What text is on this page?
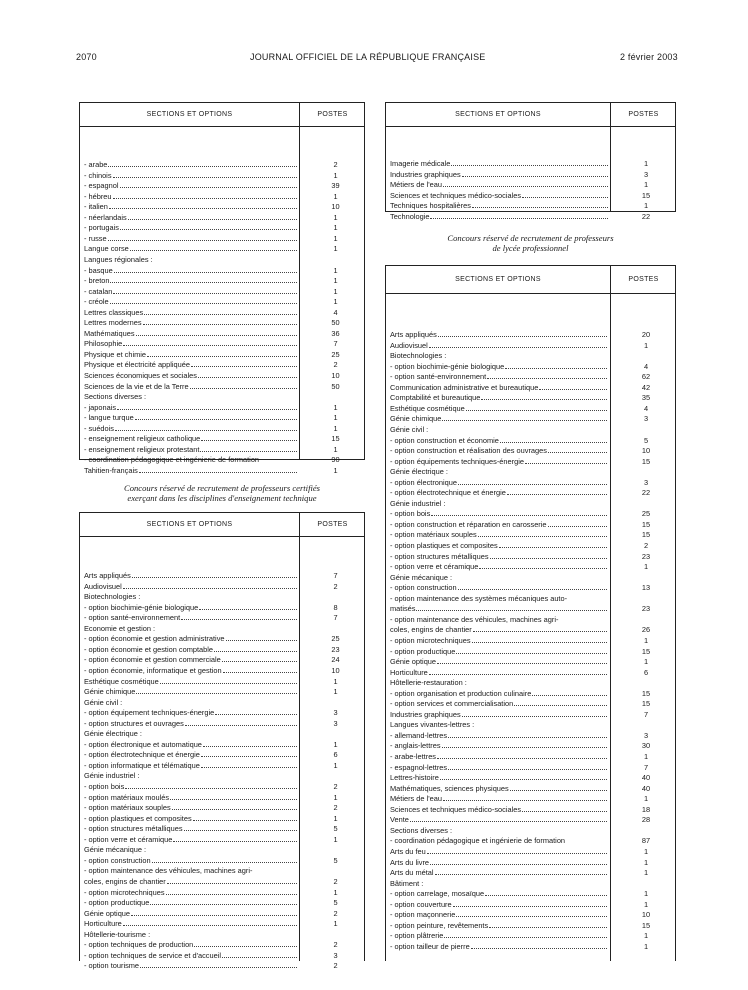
2070	JOURNAL OFFICIEL DE LA RÉPUBLIQUE FRANÇAISE	2 février 2003
SECTIONS ET OPTIONS	POSTES
- arabe	2
- chinois	1
- espagnol	39
- hébreu	1
- italien	10
- néerlandais	1
- portugais	1
- russe	1
Langue corse	1
Langues régionales :
- basque	1
- breton	1
- catalan	1
- créole	1
Lettres classiques	4
Lettres modernes	50
Mathématiques	36
Philosophie	7
Physique et chimie	25
Physique et électricité appliquée	2
Sciences économiques et sociales	10
Sciences de la vie et de la Terre	50
Sections diverses :
- japonais	1
- langue turque	1
- suédois	1
- enseignement religieux catholique	15
- enseignement religieux protestant	1
- coordination pédagogique et ingénierie de formation	90
Tahitien-français	1
Concours réservé de recrutement de professeurs certifiés
exerçant dans les disciplines d'enseignement technique
SECTIONS ET OPTIONS	POSTES
Arts appliqués	7
Audiovisuel	2
Biotechnologies :
- option biochimie-génie biologique	8
- option santé-environnement	7
Economie et gestion :
- option économie et gestion administrative	25
- option économie et gestion comptable	23
- option économie et gestion commerciale	24
- option économie, informatique et gestion	10
Esthétique cosmétique	1
Génie chimique	1
Génie civil :
- option équipement techniques-énergie	3
- option structures et ouvrages	3
Génie électrique :
- option électronique et automatique	1
- option électrotechnique et énergie	6
- option informatique et télématique	1
Génie industriel :
- option bois	2
- option matériaux moulés	1
- option matériaux souples	2
- option plastiques et composites	1
- option structures métalliques	5
- option verre et céramique	1
Génie mécanique :
- option construction	5
- option maintenance des véhicules, machines agri-
coles, engins de chantier	2
- option microtechniques	1
- option productique	5
Génie optique	2
Horticulture	1
Hôtellerie-tourisme :
- option techniques de production	2
- option techniques de service et d'accueil	3
- option tourisme	2
SECTIONS ET OPTIONS	POSTES
Imagerie médicale	1
Industries graphiques	3
Métiers de l'eau	1
Sciences et techniques médico-sociales	15
Techniques hospitalières	1
Technologie	22
Concours réservé de recrutement de professeurs
de lycée professionnel
SECTIONS ET OPTIONS	POSTES
Arts appliqués	20
Audiovisuel	1
Biotechnologies :
- option biochimie-génie biologique	4
- option santé-environnement	62
Communication administrative et bureautique	42
Comptabilité et bureautique	35
Esthétique cosmétique	4
Génie chimique	3
Génie civil :
- option construction et économie	5
- option construction et réalisation des ouvrages	10
- option équipements techniques-énergie	15
Génie électrique :
- option électronique	3
- option électrotechnique et énergie	22
Génie industriel :
- option bois	25
- option construction et réparation en carosserie	15
- option matériaux souples	15
- option plastiques et composites	2
- option structures métalliques	23
- option verre et céramique	1
Génie mécanique :
- option construction	13
- option maintenance des systèmes mécaniques auto-
matisés	23
- option maintenance des véhicules, machines agri-
coles, engins de chantier	26
- option microtechniques	1
- option productique	15
Génie optique	1
Horticulture	6
Hôtellerie-restauration :
- option organisation et production culinaire	15
- option services et commercialisation	15
Industries graphiques	7
Langues vivantes-lettres :
- allemand-lettres	3
- anglais-lettres	30
- arabe-lettres	1
- espagnol-lettres	7
Lettres-histoire	40
Mathématiques, sciences physiques	40
Métiers de l'eau	1
Sciences et techniques médico-sociales	18
Vente	28
Sections diverses :
- coordination pédagogique et ingénierie de formation	87
Arts du feu	1
Arts du livre	1
Arts du métal	1
Bâtiment :
- option carrelage, mosaïque	1
- option couverture	1
- option maçonnerie	10
- option peinture, revêtements	15
- option plâtrerie	1
- option tailleur de pierre	1
